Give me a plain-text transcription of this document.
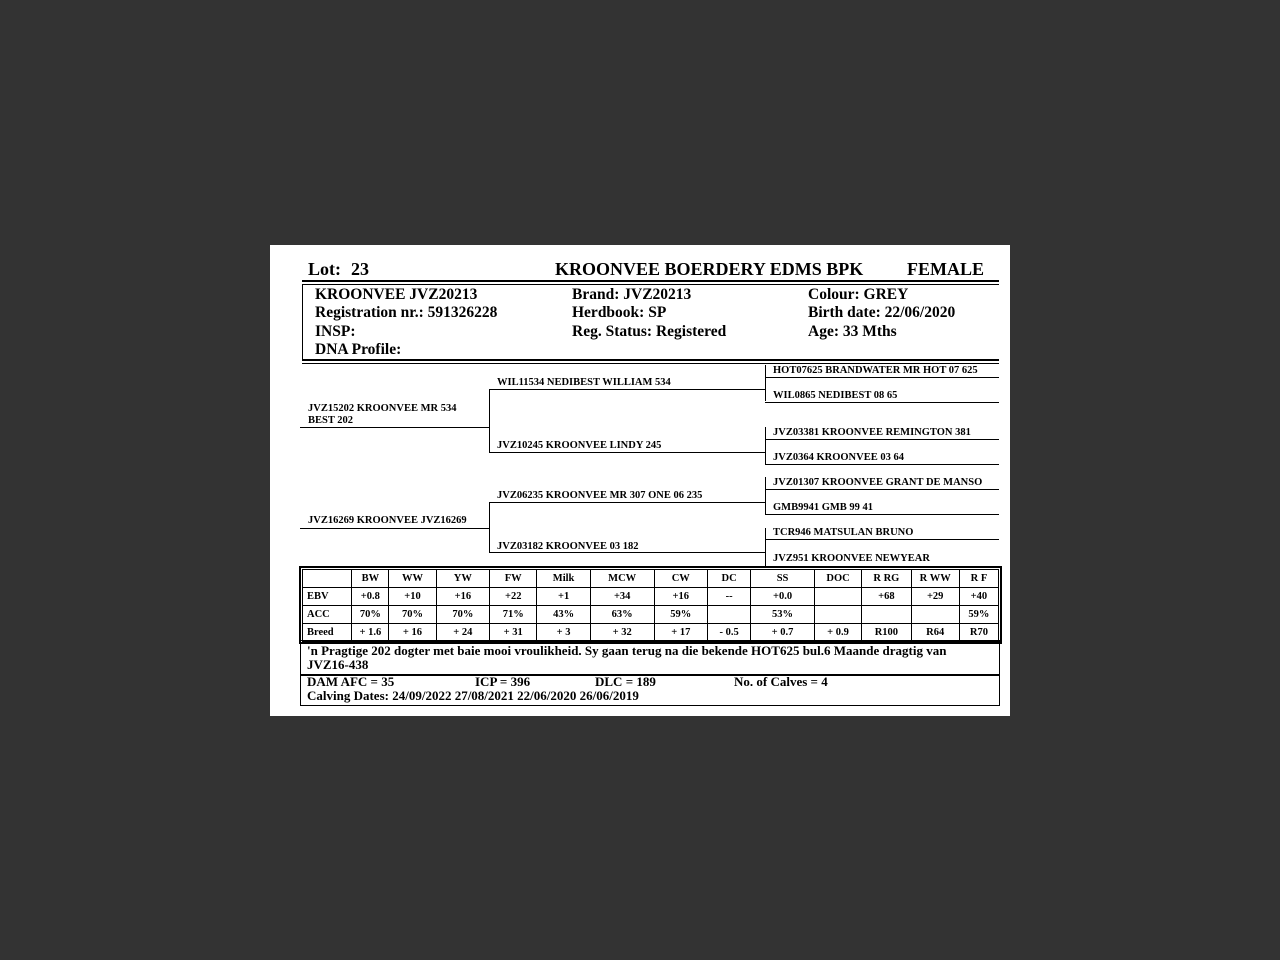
Lot: 23	KROONVEE BOERDERY EDMS BPK FEMALE
KROONVEE JVZ20213
Registration nr.: 591326228
INSP:
DNA Profile:
Brand: JVZ20213
Herdbook: SP
Reg. Status: Registered
Colour: GREY
Birth date: 22/06/2020
Age: 33 Mths
JVZ15202 KROONVEE MR 534 BEST 202
JVZ16269 KROONVEE JVZ16269
WIL11534 NEDIBEST WILLIAM 534
JVZ10245 KROONVEE LINDY 245
JVZ06235 KROONVEE MR 307 ONE 06 235
JVZ03182 KROONVEE 03 182
HOT07625 BRANDWATER MR HOT 07 625
WIL0865 NEDIBEST 08 65
JVZ03381 KROONVEE REMINGTON 381
JVZ0364 KROONVEE 03 64
JVZ01307 KROONVEE GRANT DE MANSO
GMB9941 GMB 99 41
TCR946 MATSULAN BRUNO
JVZ951 KROONVEE NEWYEAR
	BW	WW	YW	FW	Milk	MCW	CW	DC	SS	DOC	R RG	R WW	R F
EBV	+0.8	+10	+16	+22	+1	+34	+16	--	+0.0		+68	+29	+40
ACC	70%	70%	70%	71%	43%	63%	59%		53%				59%
Breed	+ 1.6	+ 16	+ 24	+ 31	+ 3	+ 32	+ 17	- 0.5	+ 0.7	+ 0.9	R100	R64	R70
'n Pragtige 202 dogter met baie mooi vroulikheid. Sy gaan terug na die bekende HOT625 bul.6 Maande dragtig van
JVZ16-438
DAM AFC = 35	ICP = 396	DLC = 189	No. of Calves = 4
Calving Dates: 24/09/2022 27/08/2021 22/06/2020 26/06/2019
